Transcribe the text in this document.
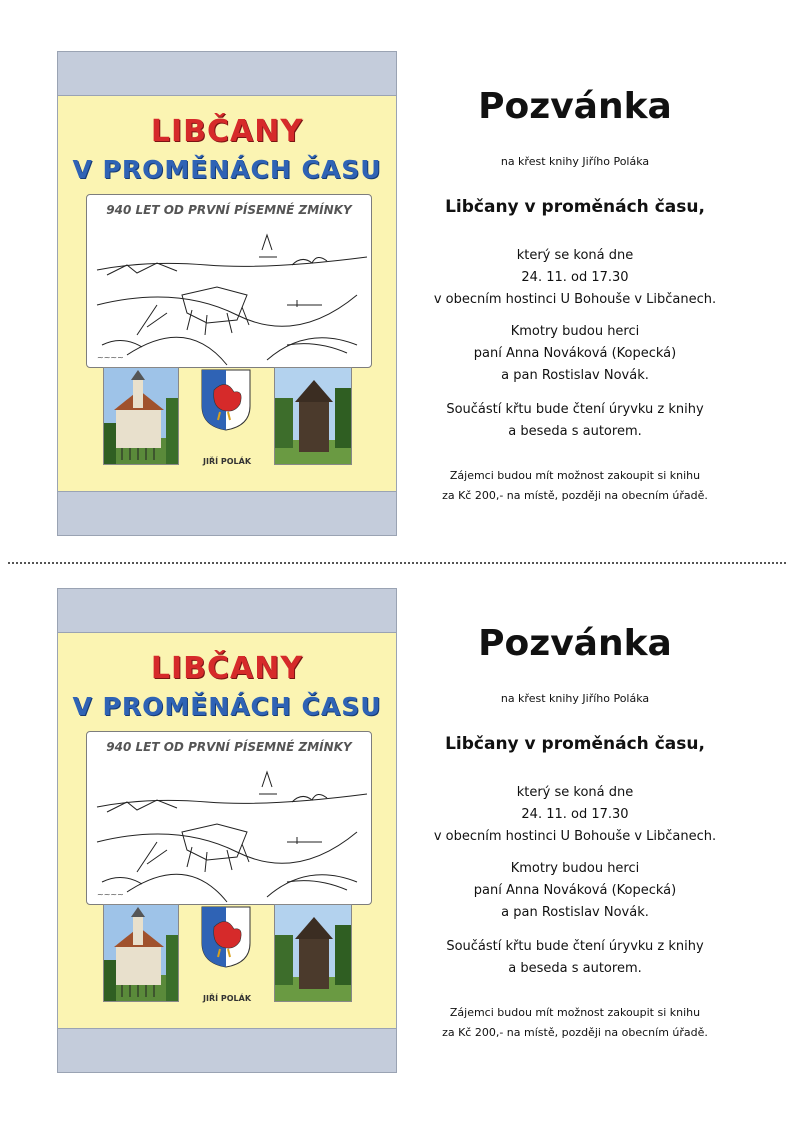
LIBČANY
V PROMĚNÁCH ČASU
940 LET OD PRVNÍ PÍSEMNÉ ZMÍNKY
~~~~
JIŘÍ POLÁK
Pozvánka
na křest knihy Jiřího Poláka
Libčany v proměnách času,
který se koná dne
24. 11. od 17.30
v obecním hostinci U Bohouše v Libčanech.
Kmotry budou herci
paní Anna Nováková (Kopecká)
a pan Rostislav Novák.
Součástí křtu bude čtení úryvku z knihy
a beseda s autorem.
Zájemci budou mít možnost zakoupit si knihu
za Kč 200,- na místě, později na obecním úřadě.
LIBČANY
V PROMĚNÁCH ČASU
940 LET OD PRVNÍ PÍSEMNÉ ZMÍNKY
~~~~
JIŘÍ POLÁK
Pozvánka
na křest knihy Jiřího Poláka
Libčany v proměnách času,
který se koná dne
24. 11. od 17.30
v obecním hostinci U Bohouše v Libčanech.
Kmotry budou herci
paní Anna Nováková (Kopecká)
a pan Rostislav Novák.
Součástí křtu bude čtení úryvku z knihy
a beseda s autorem.
Zájemci budou mít možnost zakoupit si knihu
za Kč 200,- na místě, později na obecním úřadě.
